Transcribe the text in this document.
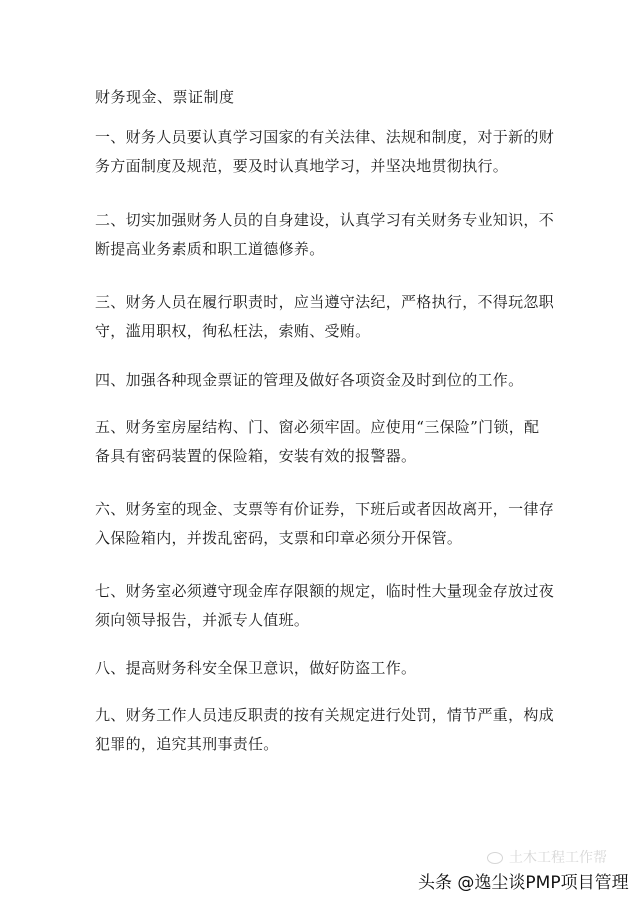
财务现金、票证制度

一、财务人员要认真学习国家的有关法律、法规和制度，对于新的财
务方面制度及规范，要及时认真地学习，并坚决地贯彻执行。

二、切实加强财务人员的自身建设，认真学习有关财务专业知识，不
断提高业务素质和职工道德修养。

三、财务人员在履行职责时，应当遵守法纪，严格执行，不得玩忽职
守，滥用职权，徇私枉法，索贿、受贿。

四、加强各种现金票证的管理及做好各项资金及时到位的工作。

五、财务室房屋结构、门、窗必须牢固。应使用“三保险”门锁，配
备具有密码装置的保险箱，安装有效的报警器。

六、财务室的现金、支票等有价证券，下班后或者因故离开，一律存
入保险箱内，并拨乱密码，支票和印章必须分开保管。

七、财务室必须遵守现金库存限额的规定，临时性大量现金存放过夜
须向领导报告，并派专人值班。

八、提高财务科安全保卫意识，做好防盗工作。

九、财务工作人员违反职责的按有关规定进行处罚，情节严重，构成
犯罪的，追究其刑事责任。

土木工程工作帮
头条 @逸尘谈PMP项目管理
